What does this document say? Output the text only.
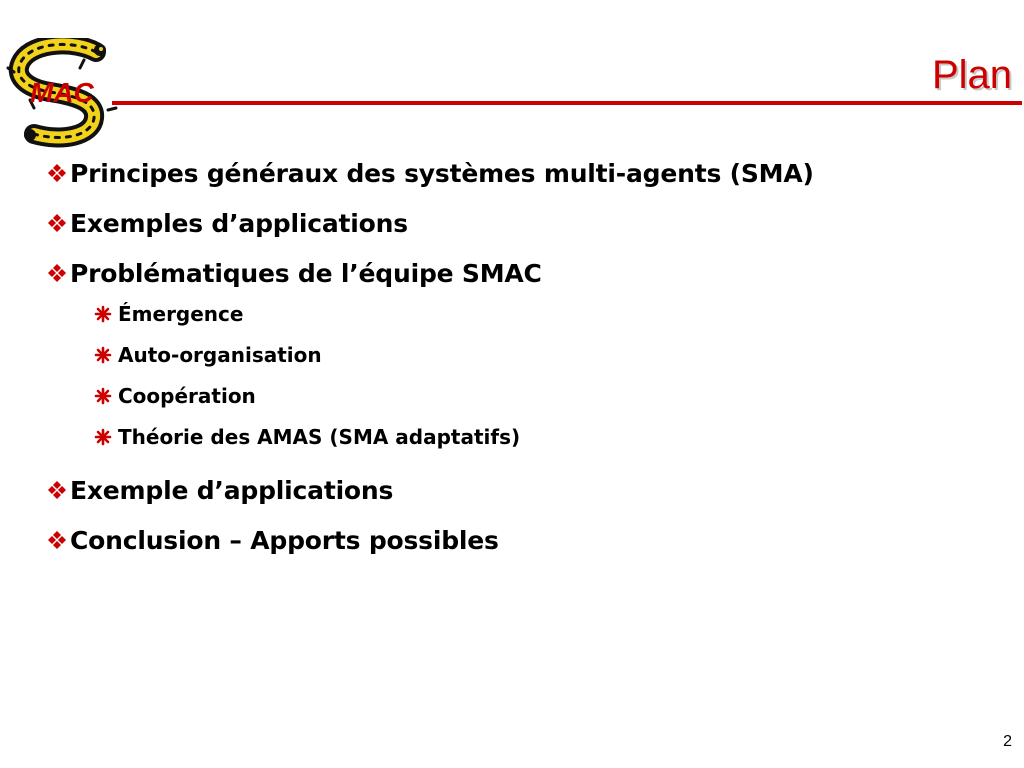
MAC	Plan
Principes généraux des systèmes multi-agents (SMA)
Exemples d’applications
Problématiques de l’équipe SMAC
Émergence
Auto-organisation
Coopération
Théorie des AMAS (SMA adaptatifs)
Exemple d’applications
Conclusion – Apports possibles
2
